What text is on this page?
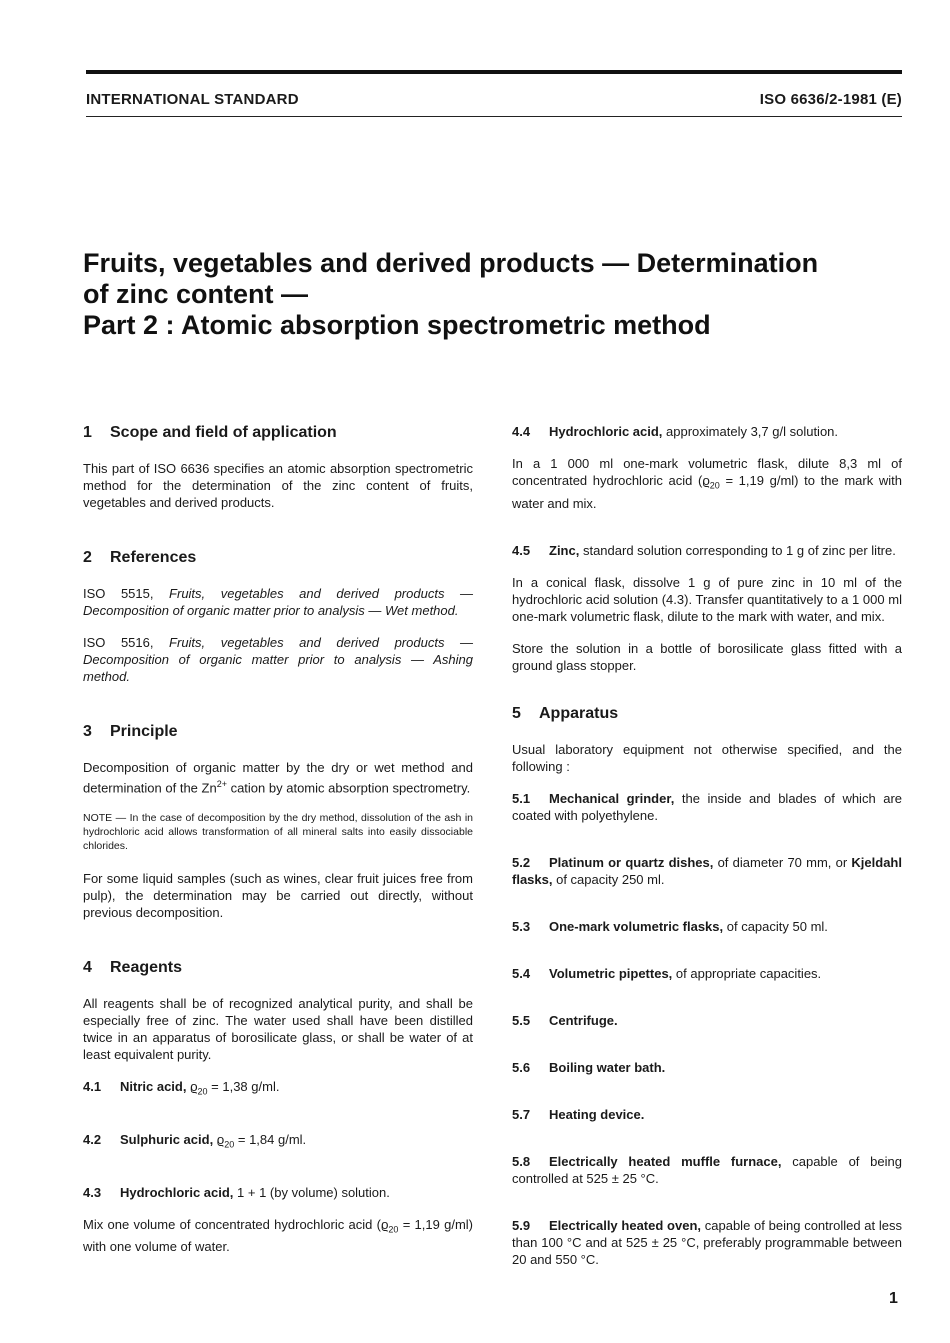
INTERNATIONAL STANDARD	ISO 6636/2-1981 (E)
Fruits, vegetables and derived products — Determination
of zinc content —
Part 2 : Atomic absorption spectrometric method
1 Scope and field of application

This part of ISO 6636 specifies an atomic absorption spectrometric method for the determination of the zinc content of fruits, vegetables and derived products.

2 References

ISO 5515, Fruits, vegetables and derived products — Decomposition of organic matter prior to analysis — Wet method.

ISO 5516, Fruits, vegetables and derived products — Decomposition of organic matter prior to analysis — Ashing method.

3 Principle

Decomposition of organic matter by the dry or wet method and determination of the $Zn^{2+}$ cation by atomic absorption spectrometry.

NOTE — In the case of decomposition by the dry method, dissolution of the ash in hydrochloric acid allows transformation of all mineral salts into easily dissociable chlorides.

For some liquid samples (such as wines, clear fruit juices free from pulp), the determination may be carried out directly, without previous decomposition.

4 Reagents

All reagents shall be of recognized analytical purity, and shall be especially free of zinc. The water used shall have been distilled twice in an apparatus of borosilicate glass, or shall be water of at least equivalent purity.

4.1 Nitric acid, $ϱ_{20} = 1,38$ g/ml.
4.2 Sulphuric acid, $ϱ_{20} = 1,84$ g/ml.
4.3 Hydrochloric acid, 1 + 1 (by volume) solution.

Mix one volume of concentrated hydrochloric acid ($ϱ_{20} = 1,19$ g/ml) with one volume of water.

4.4 Hydrochloric acid, approximately 3,7 g/l solution.

In a 1 000 ml one-mark volumetric flask, dilute 8,3 ml of concentrated hydrochloric acid ($ϱ_{20} = 1,19$ g/ml) to the mark with water and mix.

4.5 Zinc, standard solution corresponding to 1 g of zinc per litre.

In a conical flask, dissolve 1 g of pure zinc in 10 ml of the hydrochloric acid solution (4.3). Transfer quantitatively to a 1 000 ml one-mark volumetric flask, dilute to the mark with water, and mix.

Store the solution in a bottle of borosilicate glass fitted with a ground glass stopper.

5 Apparatus

Usual laboratory equipment not otherwise specified, and the following :

5.1 Mechanical grinder, the inside and blades of which are coated with polyethylene.
5.2 Platinum or quartz dishes, of diameter 70 mm, or Kjeldahl flasks, of capacity 250 ml.
5.3 One-mark volumetric flasks, of capacity 50 ml.
5.4 Volumetric pipettes, of appropriate capacities.
5.5 Centrifuge.
5.6 Boiling water bath.
5.7 Heating device.
5.8 Electrically heated muffle furnace, capable of being controlled at 525 ± 25 °C.
5.9 Electrically heated oven, capable of being controlled at less than 100 °C and at 525 ± 25 °C, preferably programmable between 20 and 550 °C.
1
